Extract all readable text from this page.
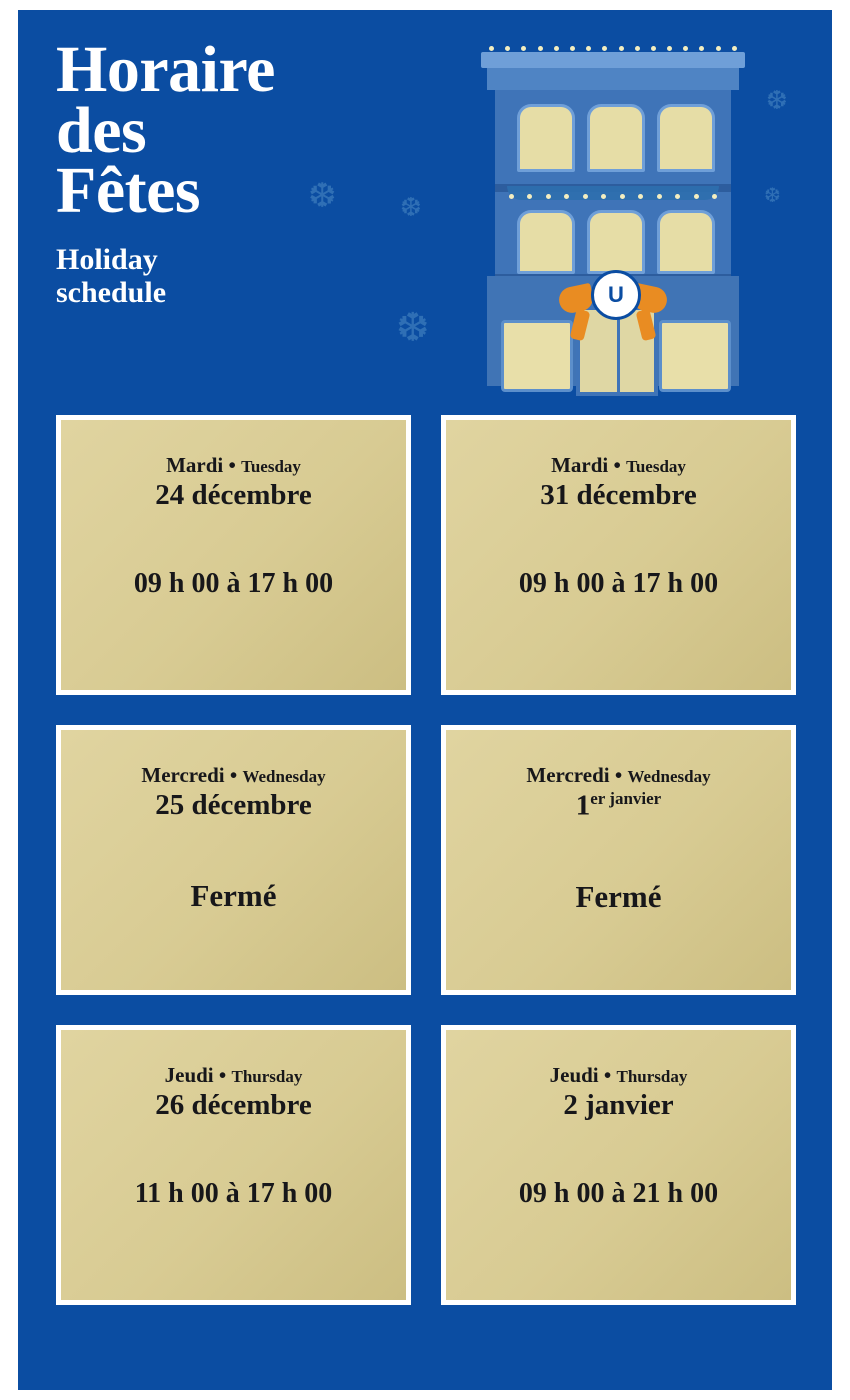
Horaire
des
Fêtes
Holiday
schedule
❆ ❆
❆
❆
❆
U
Mardi • Tuesday
24 décembre
09 h 00 à 17 h 00
Mardi • Tuesday
31 décembre
09 h 00 à 17 h 00
Mercredi • Wednesday
25 décembre
Fermé
Mercredi • Wednesday
$1^{er janvier}$
Fermé
Jeudi • Thursday
26 décembre
11 h 00 à 17 h 00
Jeudi • Thursday
2 janvier
09 h 00 à 21 h 00
